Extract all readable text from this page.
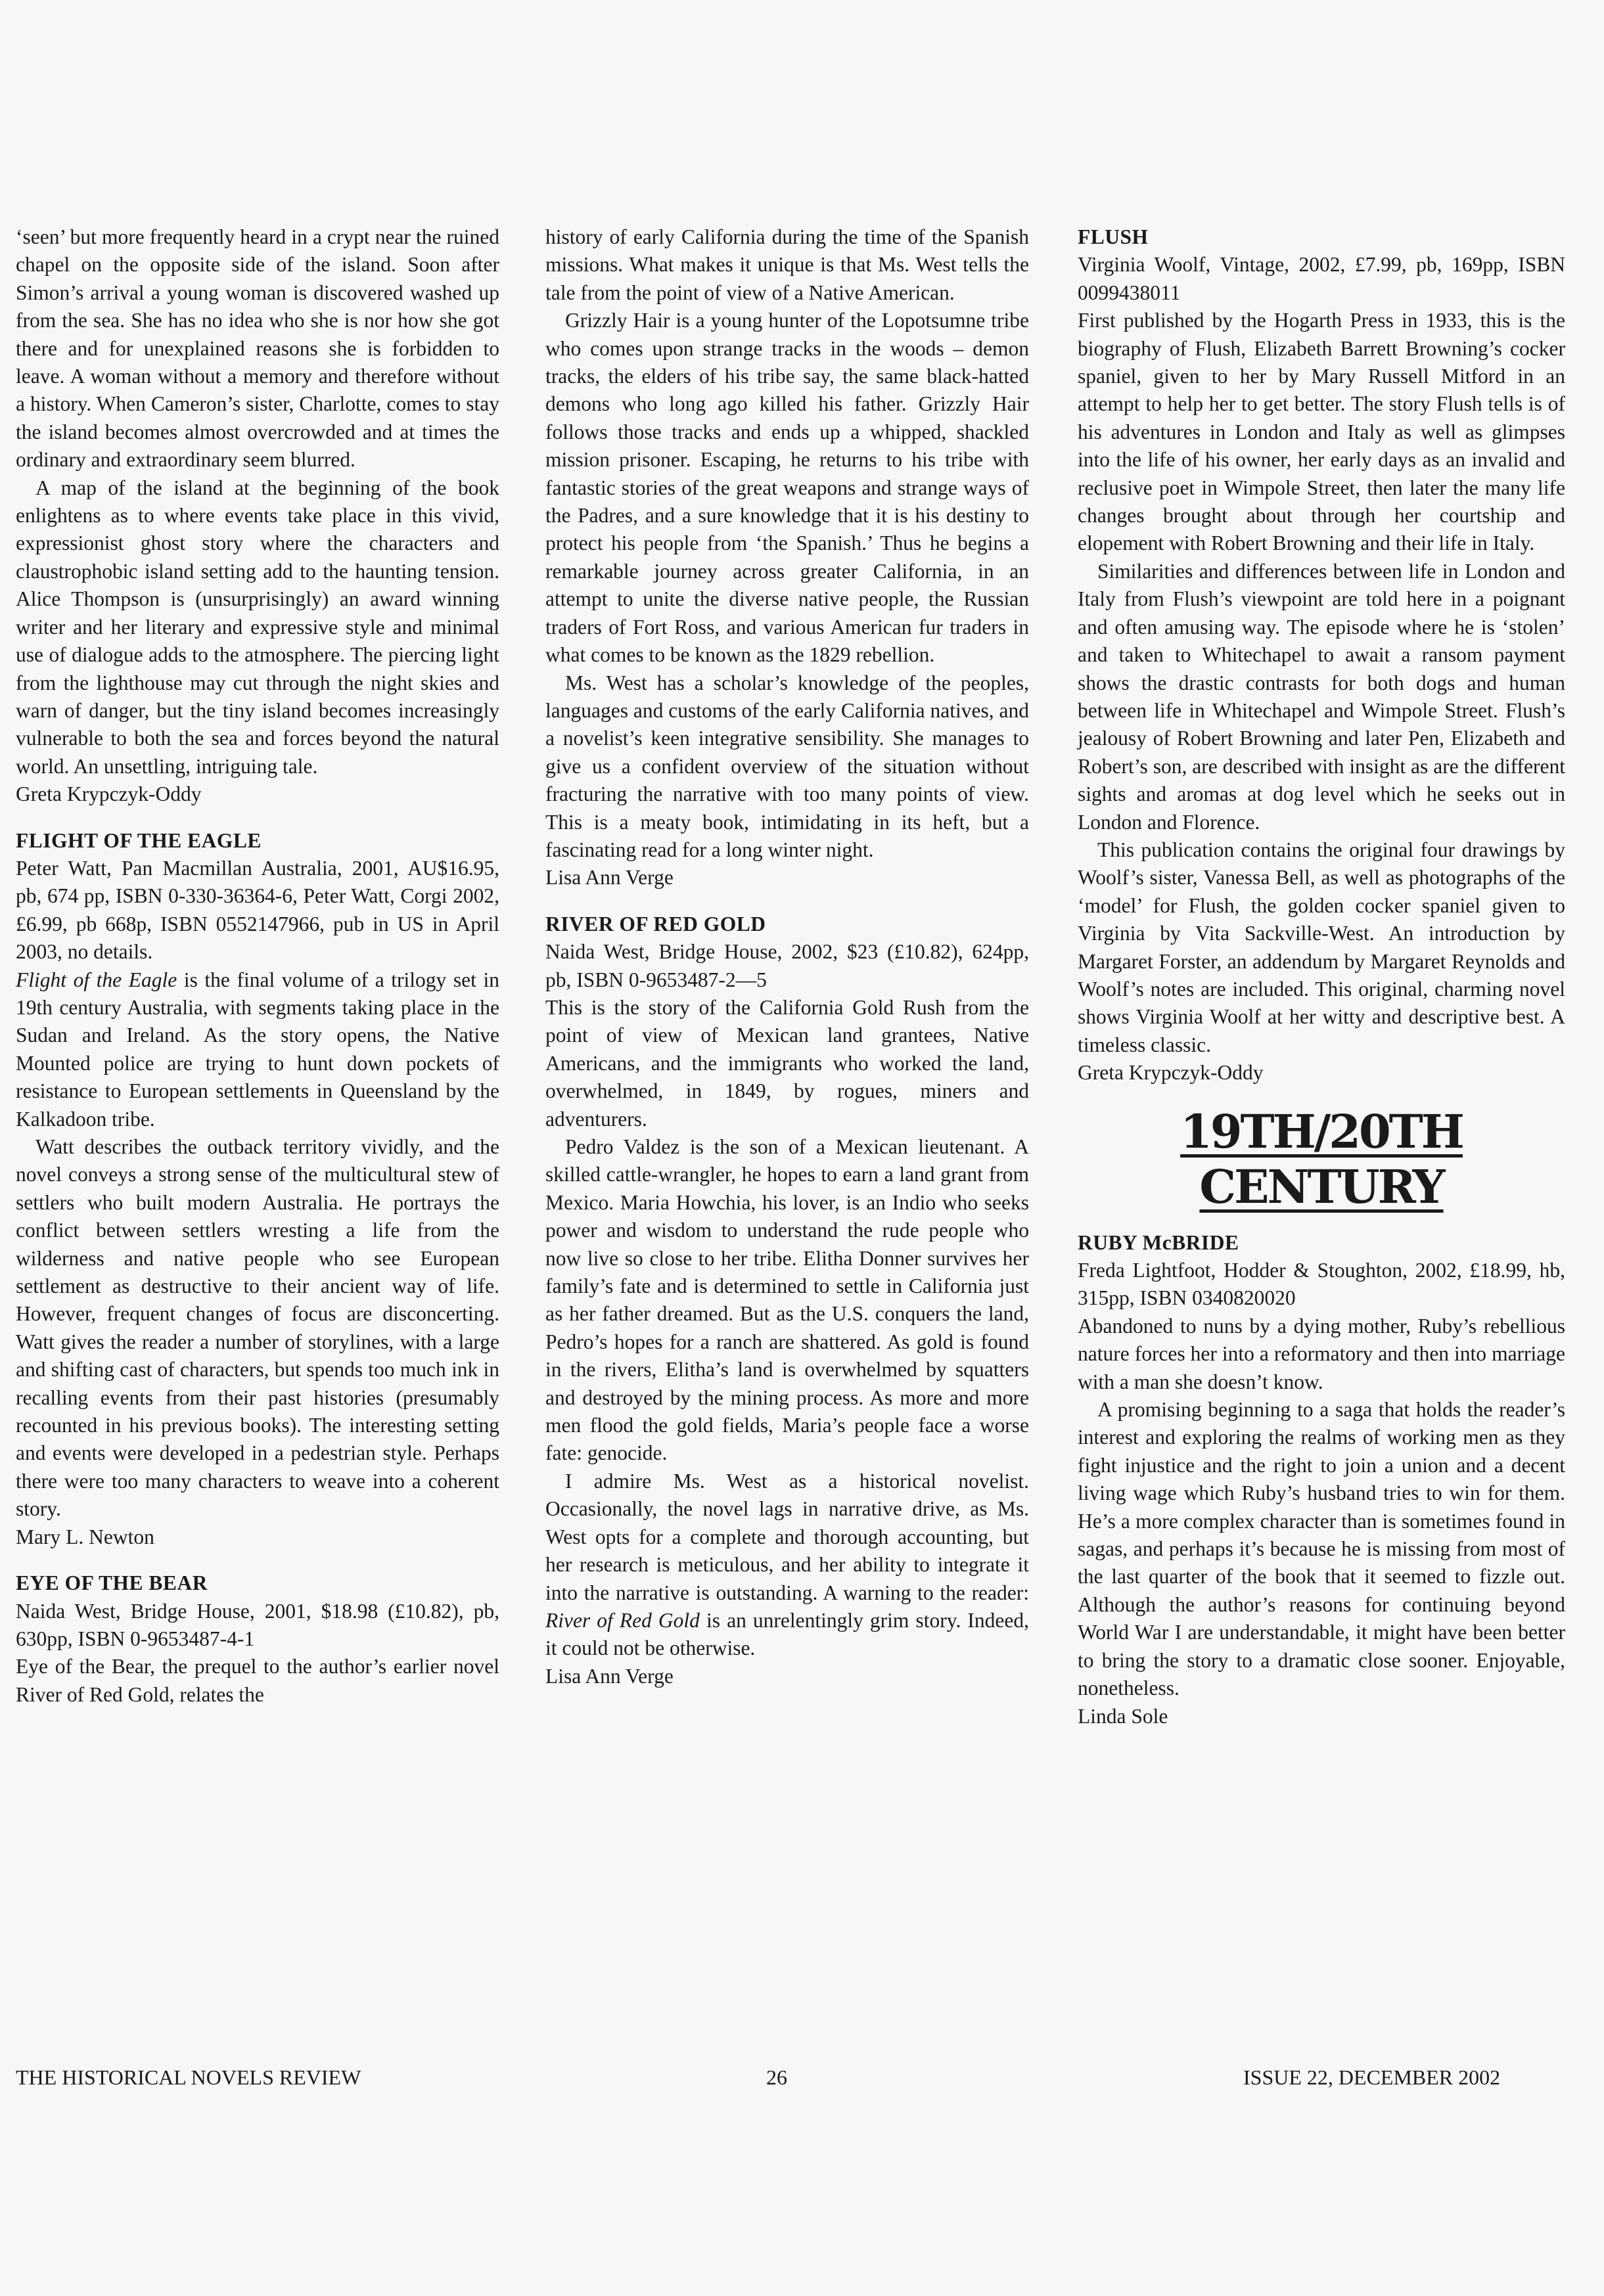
‘seen’ but more frequently heard in a crypt near the ruined chapel on the opposite side of the island. Soon after Simon’s arrival a young woman is discovered washed up from the sea. She has no idea who she is nor how she got there and for unexplained reasons she is forbidden to leave. A woman without a memory and therefore without a history. When Cameron’s sister, Charlotte, comes to stay the island becomes almost overcrowded and at times the ordinary and extraordinary seem blurred.

A map of the island at the beginning of the book enlightens as to where events take place in this vivid, expressionist ghost story where the characters and claustrophobic island setting add to the haunting tension. Alice Thompson is (unsurprisingly) an award winning writer and her literary and expressive style and minimal use of dialogue adds to the atmosphere. The piercing light from the lighthouse may cut through the night skies and warn of danger, but the tiny island becomes increasingly vulnerable to both the sea and forces beyond the natural world. An unsettling, intriguing tale.

Greta Krypczyk-Oddy

FLIGHT OF THE EAGLE

Peter Watt, Pan Macmillan Australia, 2001, AU$16.95, pb, 674 pp, ISBN 0-330-36364-6, Peter Watt, Corgi 2002, £6.99, pb 668p, ISBN 0552147966, pub in US in April 2003, no details.

Flight of the Eagle is the final volume of a trilogy set in 19th century Australia, with segments taking place in the Sudan and Ireland. As the story opens, the Native Mounted police are trying to hunt down pockets of resistance to European settlements in Queensland by the Kalkadoon tribe.

Watt describes the outback territory vividly, and the novel conveys a strong sense of the multicultural stew of settlers who built modern Australia. He portrays the conflict between settlers wresting a life from the wilderness and native people who see European settlement as destructive to their ancient way of life. However, frequent changes of focus are disconcerting. Watt gives the reader a number of storylines, with a large and shifting cast of characters, but spends too much ink in recalling events from their past histories (presumably recounted in his previous books). The interesting setting and events were developed in a pedestrian style. Perhaps there were too many characters to weave into a coherent story.

Mary L. Newton

EYE OF THE BEAR

Naida West, Bridge House, 2001, $18.98 (£10.82), pb, 630pp, ISBN 0-9653487-4-1

Eye of the Bear, the prequel to the author’s earlier novel River of Red Gold, relates the

history of early California during the time of the Spanish missions. What makes it unique is that Ms. West tells the tale from the point of view of a Native American.

Grizzly Hair is a young hunter of the Lopotsumne tribe who comes upon strange tracks in the woods – demon tracks, the elders of his tribe say, the same black-hatted demons who long ago killed his father. Grizzly Hair follows those tracks and ends up a whipped, shackled mission prisoner. Escaping, he returns to his tribe with fantastic stories of the great weapons and strange ways of the Padres, and a sure knowledge that it is his destiny to protect his people from ‘the Spanish.’ Thus he begins a remarkable journey across greater California, in an attempt to unite the diverse native people, the Russian traders of Fort Ross, and various American fur traders in what comes to be known as the 1829 rebellion.

Ms. West has a scholar’s knowledge of the peoples, languages and customs of the early California natives, and a novelist’s keen integrative sensibility. She manages to give us a confident overview of the situation without fracturing the narrative with too many points of view. This is a meaty book, intimidating in its heft, but a fascinating read for a long winter night.

Lisa Ann Verge

RIVER OF RED GOLD

Naida West, Bridge House, 2002, $23 (£10.82), 624pp, pb, ISBN 0-9653487-2—5

This is the story of the California Gold Rush from the point of view of Mexican land grantees, Native Americans, and the immigrants who worked the land, overwhelmed, in 1849, by rogues, miners and adventurers.

Pedro Valdez is the son of a Mexican lieutenant. A skilled cattle-wrangler, he hopes to earn a land grant from Mexico. Maria Howchia, his lover, is an Indio who seeks power and wisdom to understand the rude people who now live so close to her tribe. Elitha Donner survives her family’s fate and is determined to settle in California just as her father dreamed. But as the U.S. conquers the land, Pedro’s hopes for a ranch are shattered. As gold is found in the rivers, Elitha’s land is overwhelmed by squatters and destroyed by the mining process. As more and more men flood the gold fields, Maria’s people face a worse fate: genocide.

I admire Ms. West as a historical novelist. Occasionally, the novel lags in narrative drive, as Ms. West opts for a complete and thorough accounting, but her research is meticulous, and her ability to integrate it into the narrative is outstanding. A warning to the reader: River of Red Gold is an unrelentingly grim story. Indeed, it could not be otherwise.

Lisa Ann Verge

FLUSH

Virginia Woolf, Vintage, 2002, £7.99, pb, 169pp, ISBN 0099438011

First published by the Hogarth Press in 1933, this is the biography of Flush, Elizabeth Barrett Browning’s cocker spaniel, given to her by Mary Russell Mitford in an attempt to help her to get better. The story Flush tells is of his adventures in London and Italy as well as glimpses into the life of his owner, her early days as an invalid and reclusive poet in Wimpole Street, then later the many life changes brought about through her courtship and elopement with Robert Browning and their life in Italy.

Similarities and differences between life in London and Italy from Flush’s viewpoint are told here in a poignant and often amusing way. The episode where he is ‘stolen’ and taken to Whitechapel to await a ransom payment shows the drastic contrasts for both dogs and human between life in Whitechapel and Wimpole Street. Flush’s jealousy of Robert Browning and later Pen, Elizabeth and Robert’s son, are described with insight as are the different sights and aromas at dog level which he seeks out in London and Florence.

This publication contains the original four drawings by Woolf’s sister, Vanessa Bell, as well as photographs of the ‘model’ for Flush, the golden cocker spaniel given to Virginia by Vita Sackville-West. An introduction by Margaret Forster, an addendum by Margaret Reynolds and Woolf’s notes are included. This original, charming novel shows Virginia Woolf at her witty and descriptive best. A timeless classic.

Greta Krypczyk-Oddy

19TH/20TH CENTURY

RUBY McBRIDE

Freda Lightfoot, Hodder & Stoughton, 2002, £18.99, hb, 315pp, ISBN 0340820020

Abandoned to nuns by a dying mother, Ruby’s rebellious nature forces her into a reformatory and then into marriage with a man she doesn’t know.

A promising beginning to a saga that holds the reader’s interest and exploring the realms of working men as they fight injustice and the right to join a union and a decent living wage which Ruby’s husband tries to win for them. He’s a more complex character than is sometimes found in sagas, and perhaps it’s because he is missing from most of the last quarter of the book that it seemed to fizzle out. Although the author’s reasons for continuing beyond World War I are understandable, it might have been better to bring the story to a dramatic close sooner. Enjoyable, nonetheless.

Linda Sole

THE HISTORICAL NOVELS REVIEW	26	ISSUE 22, DECEMBER 2002
